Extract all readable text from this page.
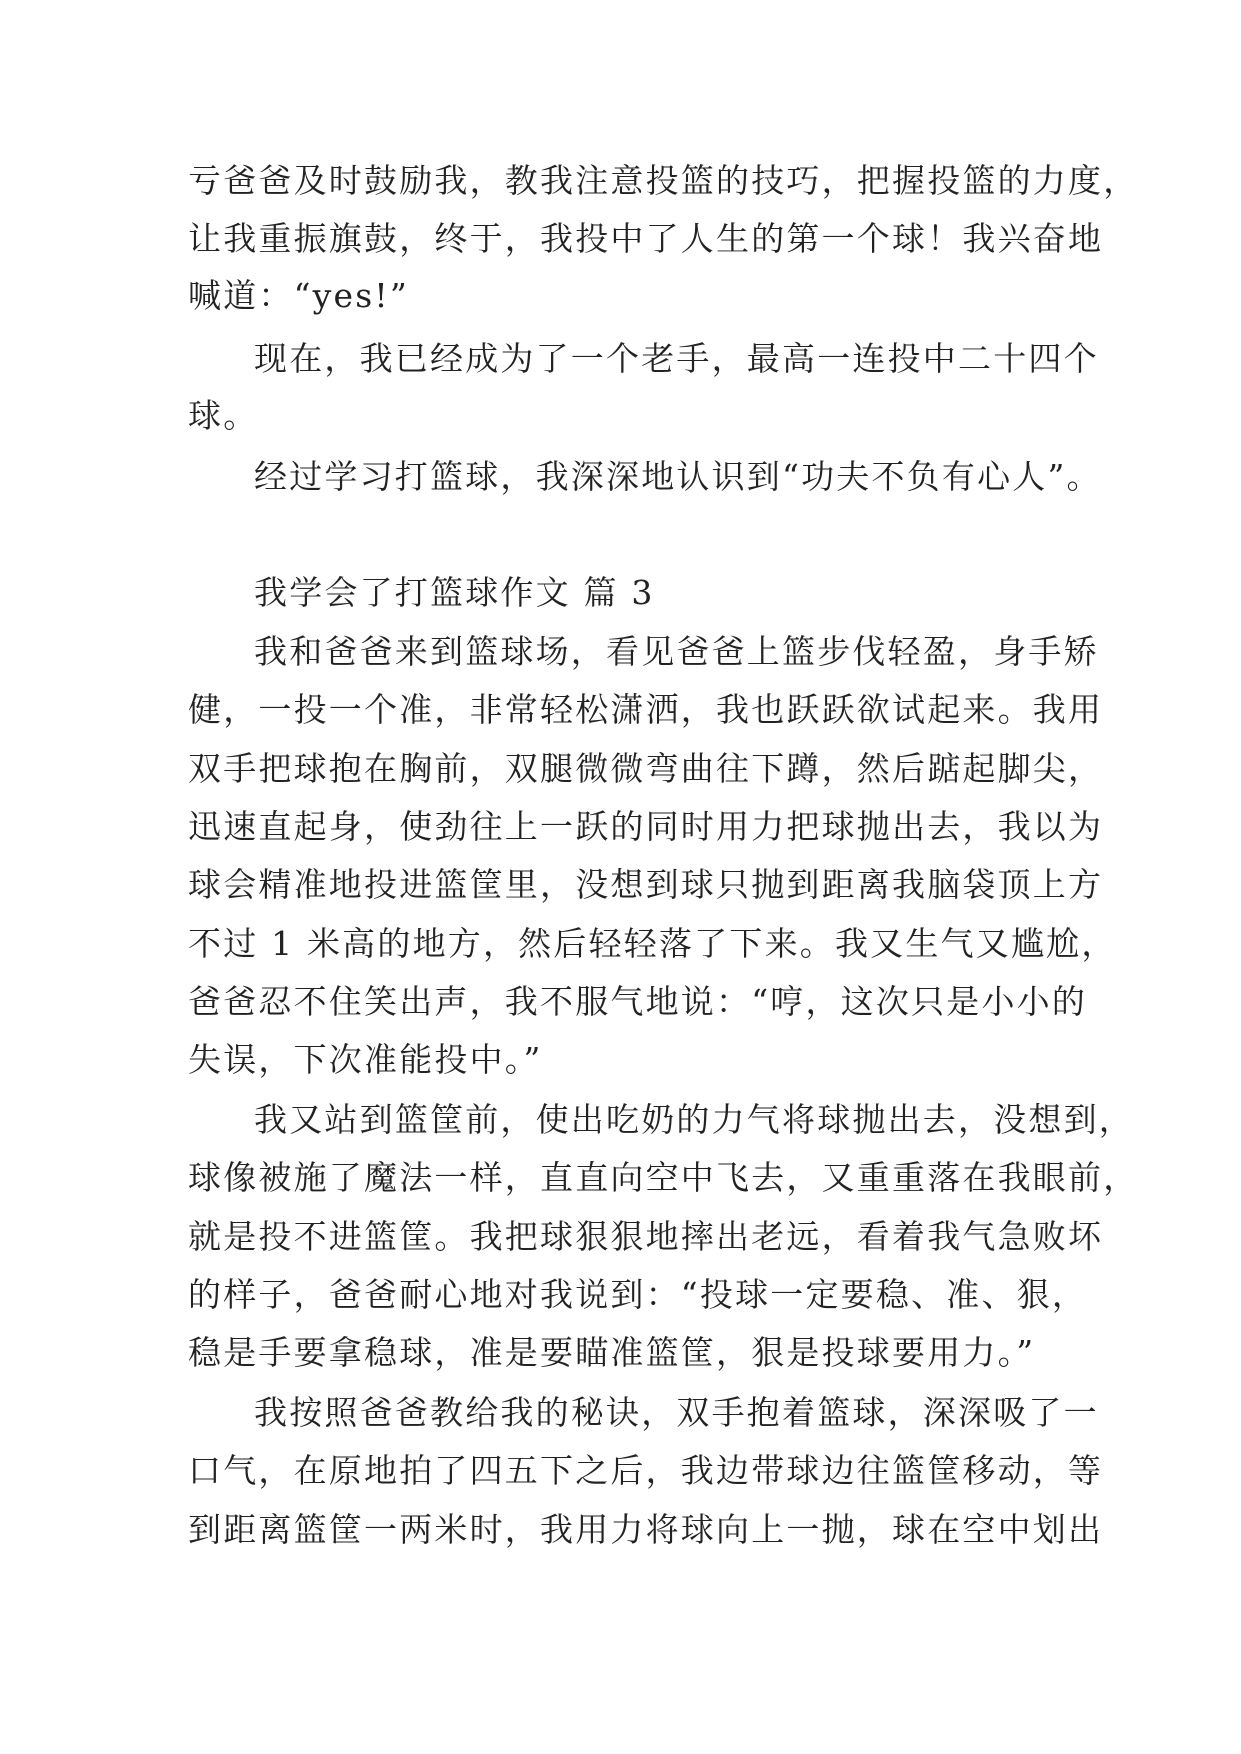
亏爸爸及时鼓励我，教我注意投篮的技巧，把握投篮的力度，
让我重振旗鼓，终于，我投中了人生的第一个球！我兴奋地
喊道：“yes!”
现在，我已经成为了一个老手，最高一连投中二十四个
球。
经过学习打篮球，我深深地认识到“功夫不负有心人”。
我学会了打篮球作文 篇 3
我和爸爸来到篮球场，看见爸爸上篮步伐轻盈，身手矫
健，一投一个准，非常轻松潇洒，我也跃跃欲试起来。我用
双手把球抱在胸前，双腿微微弯曲往下蹲，然后踮起脚尖，
迅速直起身，使劲往上一跃的同时用力把球抛出去，我以为
球会精准地投进篮筐里，没想到球只抛到距离我脑袋顶上方
不过 1 米高的地方，然后轻轻落了下来。我又生气又尴尬，
爸爸忍不住笑出声，我不服气地说：“哼，这次只是小小的
失误，下次准能投中。”
我又站到篮筐前，使出吃奶的力气将球抛出去，没想到，
球像被施了魔法一样，直直向空中飞去，又重重落在我眼前，
就是投不进篮筐。我把球狠狠地摔出老远，看着我气急败坏
的样子，爸爸耐心地对我说到：“投球一定要稳、准、狠，
稳是手要拿稳球，准是要瞄准篮筐，狠是投球要用力。”
我按照爸爸教给我的秘诀，双手抱着篮球，深深吸了一
口气，在原地拍了四五下之后，我边带球边往篮筐移动，等
到距离篮筐一两米时，我用力将球向上一抛，球在空中划出
